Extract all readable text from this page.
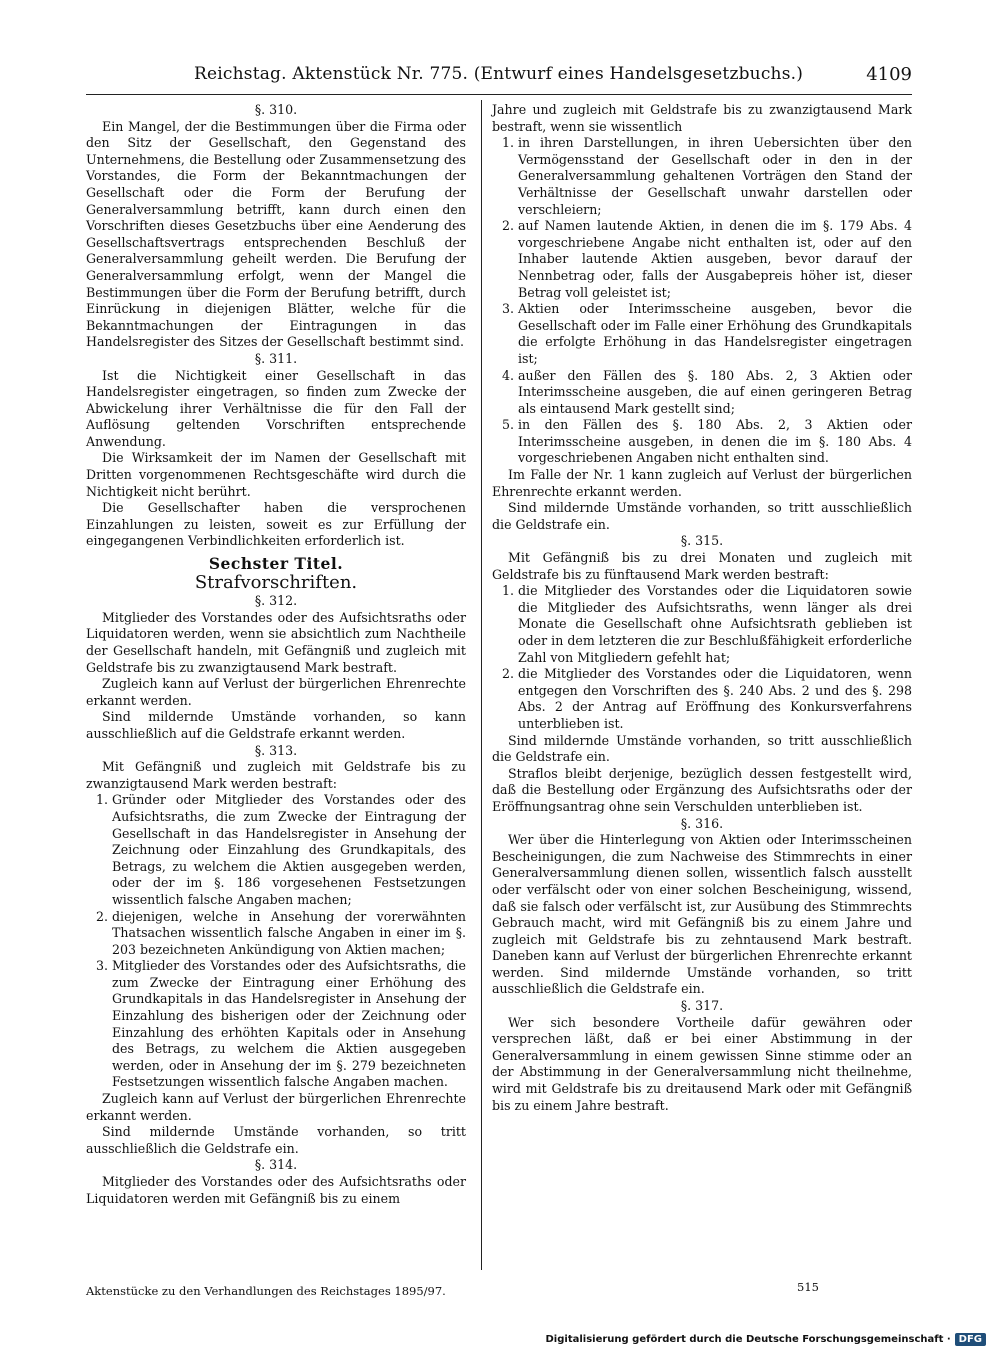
Reichstag. Aktenstück Nr. 775. (Entwurf eines Handelsgesetzbuchs.)	4109

§. 310.

Ein Mangel, der die Bestimmungen über die Firma oder den Sitz der Gesellschaft, den Gegenstand des Unternehmens, die Bestellung oder Zusammensetzung des Vorstandes, die Form der Bekanntmachungen der Gesellschaft oder die Form der Berufung der Generalversammlung betrifft, kann durch einen den Vorschriften dieses Gesetzbuchs über eine Aenderung des Gesellschaftsvertrags entsprechenden Beschluß der Generalversammlung geheilt werden. Die Berufung der Generalversammlung erfolgt, wenn der Mangel die Bestimmungen über die Form der Berufung betrifft, durch Einrückung in diejenigen Blätter, welche für die Bekanntmachungen der Eintragungen in das Handelsregister des Sitzes der Gesellschaft bestimmt sind.

§. 311.

Ist die Nichtigkeit einer Gesellschaft in das Handelsregister eingetragen, so finden zum Zwecke der Abwickelung ihrer Verhältnisse die für den Fall der Auflösung geltenden Vorschriften entsprechende Anwendung.

Die Wirksamkeit der im Namen der Gesellschaft mit Dritten vorgenommenen Rechtsgeschäfte wird durch die Nichtigkeit nicht berührt.

Die Gesellschafter haben die versprochenen Einzahlungen zu leisten, soweit es zur Erfüllung der eingegangenen Verbindlichkeiten erforderlich ist.

Sechster Titel.

Strafvorschriften.

§. 312.

Mitglieder des Vorstandes oder des Aufsichtsraths oder Liquidatoren werden, wenn sie absichtlich zum Nachtheile der Gesellschaft handeln, mit Gefängniß und zugleich mit Geldstrafe bis zu zwanzigtausend Mark bestraft.

Zugleich kann auf Verlust der bürgerlichen Ehrenrechte erkannt werden.

Sind mildernde Umstände vorhanden, so kann ausschließlich auf die Geldstrafe erkannt werden.

§. 313.

Mit Gefängniß und zugleich mit Geldstrafe bis zu zwanzigtausend Mark werden bestraft:

1. Gründer oder Mitglieder des Vorstandes oder des Aufsichtsraths, die zum Zwecke der Eintragung der Gesellschaft in das Handelsregister in Ansehung der Zeichnung oder Einzahlung des Grundkapitals, des Betrags, zu welchem die Aktien ausgegeben werden, oder der im §. 186 vorgesehenen Festsetzungen wissentlich falsche Angaben machen;
2. diejenigen, welche in Ansehung der vorerwähnten Thatsachen wissentlich falsche Angaben in einer im §. 203 bezeichneten Ankündigung von Aktien machen;
3. Mitglieder des Vorstandes oder des Aufsichtsraths, die zum Zwecke der Eintragung einer Erhöhung des Grundkapitals in das Handelsregister in Ansehung der Einzahlung des bisherigen oder der Zeichnung oder Einzahlung des erhöhten Kapitals oder in Ansehung des Betrags, zu welchem die Aktien ausgegeben werden, oder in Ansehung der im §. 279 bezeichneten Festsetzungen wissentlich falsche Angaben machen.

Zugleich kann auf Verlust der bürgerlichen Ehrenrechte erkannt werden.

Sind mildernde Umstände vorhanden, so tritt ausschließlich die Geldstrafe ein.

§. 314.

Mitglieder des Vorstandes oder des Aufsichtsraths oder Liquidatoren werden mit Gefängniß bis zu einem

Jahre und zugleich mit Geldstrafe bis zu zwanzigtausend Mark bestraft, wenn sie wissentlich

1. in ihren Darstellungen, in ihren Uebersichten über den Vermögensstand der Gesellschaft oder in den in der Generalversammlung gehaltenen Vorträgen den Stand der Verhältnisse der Gesellschaft unwahr darstellen oder verschleiern;
2. auf Namen lautende Aktien, in denen die im §. 179 Abs. 4 vorgeschriebene Angabe nicht enthalten ist, oder auf den Inhaber lautende Aktien ausgeben, bevor darauf der Nennbetrag oder, falls der Ausgabepreis höher ist, dieser Betrag voll geleistet ist;
3. Aktien oder Interimsscheine ausgeben, bevor die Gesellschaft oder im Falle einer Erhöhung des Grundkapitals die erfolgte Erhöhung in das Handelsregister eingetragen ist;
4. außer den Fällen des §. 180 Abs. 2, 3 Aktien oder Interimsscheine ausgeben, die auf einen geringeren Betrag als eintausend Mark gestellt sind;
5. in den Fällen des §. 180 Abs. 2, 3 Aktien oder Interimsscheine ausgeben, in denen die im §. 180 Abs. 4 vorgeschriebenen Angaben nicht enthalten sind.

Im Falle der Nr. 1 kann zugleich auf Verlust der bürgerlichen Ehrenrechte erkannt werden.

Sind mildernde Umstände vorhanden, so tritt ausschließlich die Geldstrafe ein.

§. 315.

Mit Gefängniß bis zu drei Monaten und zugleich mit Geldstrafe bis zu fünftausend Mark werden bestraft:

1. die Mitglieder des Vorstandes oder die Liquidatoren sowie die Mitglieder des Aufsichtsraths, wenn länger als drei Monate die Gesellschaft ohne Aufsichtsrath geblieben ist oder in dem letzteren die zur Beschlußfähigkeit erforderliche Zahl von Mitgliedern gefehlt hat;
2. die Mitglieder des Vorstandes oder die Liquidatoren, wenn entgegen den Vorschriften des §. 240 Abs. 2 und des §. 298 Abs. 2 der Antrag auf Eröffnung des Konkursverfahrens unterblieben ist.

Sind mildernde Umstände vorhanden, so tritt ausschließlich die Geldstrafe ein.

Straflos bleibt derjenige, bezüglich dessen festgestellt wird, daß die Bestellung oder Ergänzung des Aufsichtsraths oder der Eröffnungsantrag ohne sein Verschulden unterblieben ist.

§. 316.

Wer über die Hinterlegung von Aktien oder Interimsscheinen Bescheinigungen, die zum Nachweise des Stimmrechts in einer Generalversammlung dienen sollen, wissentlich falsch ausstellt oder verfälscht oder von einer solchen Bescheinigung, wissend, daß sie falsch oder verfälscht ist, zur Ausübung des Stimmrechts Gebrauch macht, wird mit Gefängniß bis zu einem Jahre und zugleich mit Geldstrafe bis zu zehntausend Mark bestraft. Daneben kann auf Verlust der bürgerlichen Ehrenrechte erkannt werden. Sind mildernde Umstände vorhanden, so tritt ausschließlich die Geldstrafe ein.

§. 317.

Wer sich besondere Vortheile dafür gewähren oder versprechen läßt, daß er bei einer Abstimmung in der Generalversammlung in einem gewissen Sinne stimme oder an der Abstimmung in der Generalversammlung nicht theilnehme, wird mit Geldstrafe bis zu dreitausend Mark oder mit Gefängniß bis zu einem Jahre bestraft.

Aktenstücke zu den Verhandlungen des Reichstages 1895/97.	515
Digitalisierung gefördert durch die Deutsche Forschungsgemeinschaft · DFG
